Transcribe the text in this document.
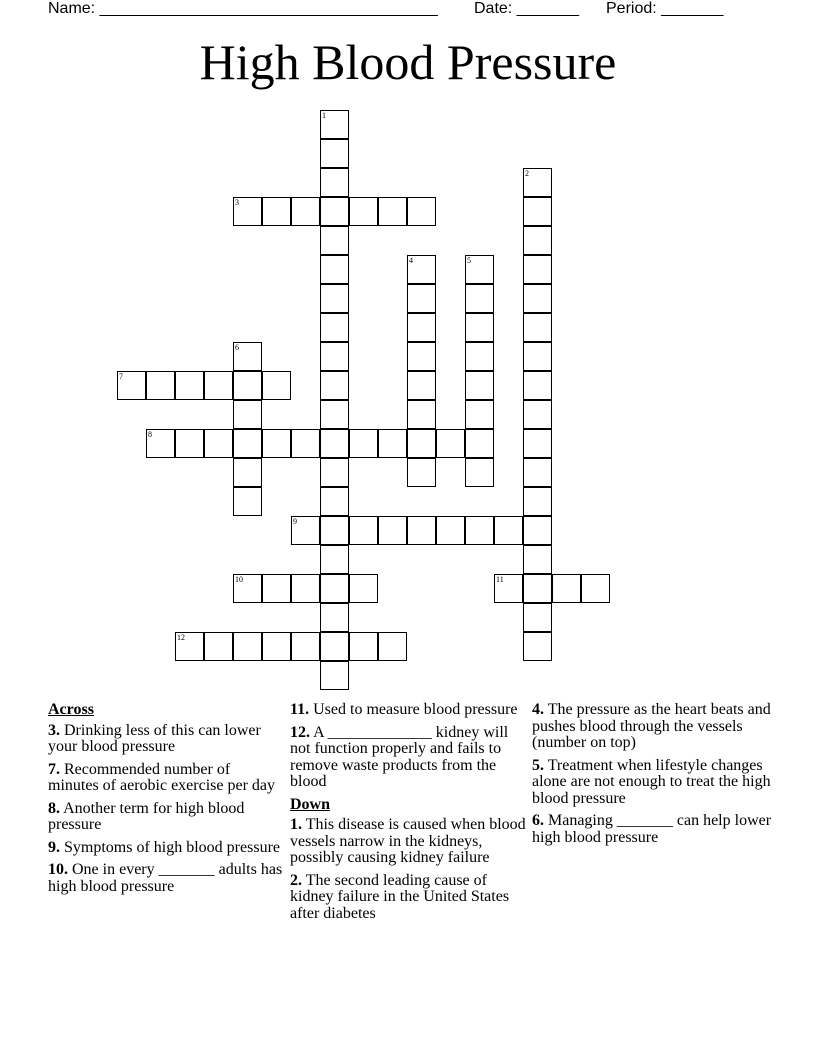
Name: ______________________________________ Date: _______ Period: _______
High Blood Pressure
1
2
3
4	5
6
7
8
9
10	11
12
Across
3. Drinking less of this can lower your blood pressure
7. Recommended number of minutes of aerobic exercise per day
8. Another term for high blood pressure
9. Symptoms of high blood pressure
10. One in every _______ adults has high blood pressure
11. Used to measure blood pressure
12. A _____________ kidney will not function properly and fails to remove waste products from the blood
Down
1. This disease is caused when blood vessels narrow in the kidneys, possibly causing kidney failure
2. The second leading cause of kidney failure in the United States after diabetes
4. The pressure as the heart beats and pushes blood through the vessels (number on top)
5. Treatment when lifestyle changes alone are not enough to treat the high blood pressure
6. Managing _______ can help lower high blood pressure
